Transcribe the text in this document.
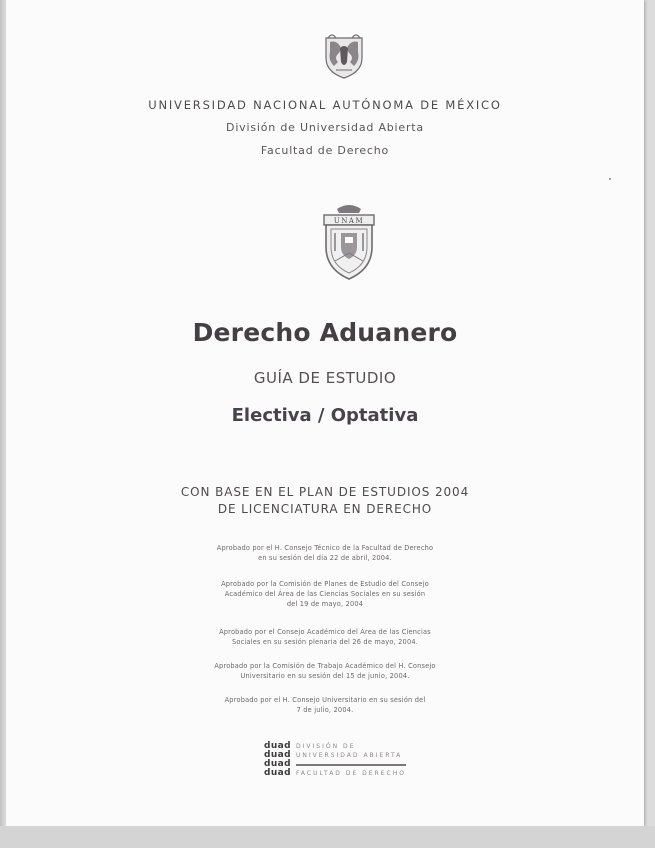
UNIVERSIDAD NACIONAL AUTÓNOMA DE MÉXICO
División de Universidad Abierta
Facultad de Derecho
UNAM
Derecho Aduanero
GUÍA DE ESTUDIO
Electiva / Optativa
CON BASE EN EL PLAN DE ESTUDIOS 2004
DE LICENCIATURA EN DERECHO
Aprobado por el H. Consejo Técnico de la Facultad de Derecho
en su sesión del día 22 de abril, 2004.
Aprobado por la Comisión de Planes de Estudio del Consejo
Académico del Área de las Ciencias Sociales en su sesión
del 19 de mayo, 2004
Aprobado por el Consejo Académico del Área de las Ciencias
Sociales en su sesión plenaria del 26 de mayo, 2004.
Aprobado por la Comisión de Trabajo Académico del H. Consejo
Universitario en su sesión del 15 de junio, 2004.
Aprobado por el H. Consejo Universitario en su sesión del
7 de julio, 2004.
duad DIVISIÓN DE
duad UNIVERSIDAD ABIERTA
duad
duad FACULTAD DE DERECHO
